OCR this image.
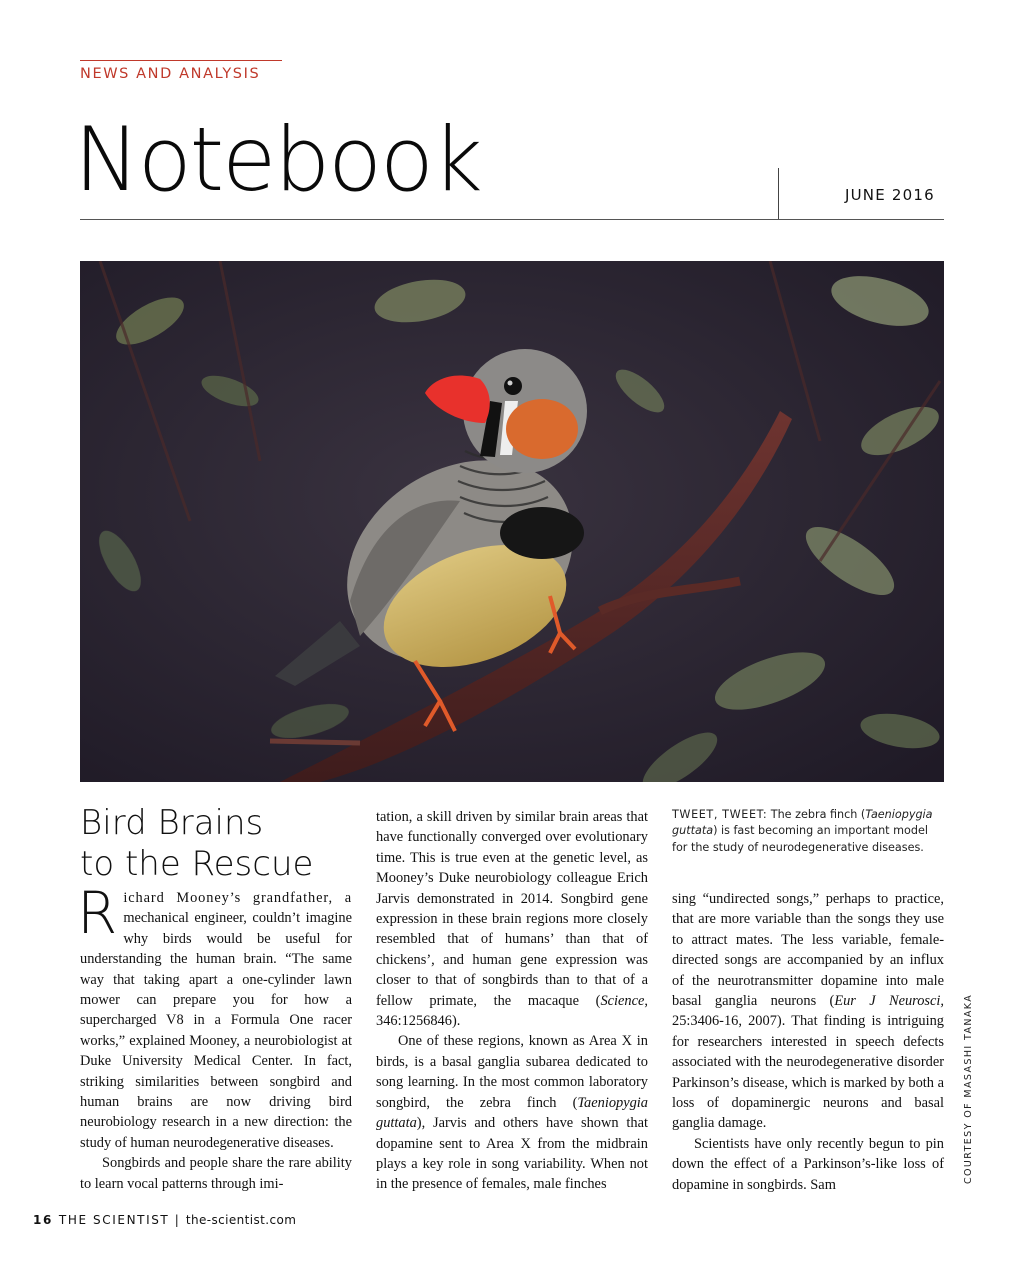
NEWS AND ANALYSIS
Notebook	JUNE 2016
Bird Brains
to the Rescue

Richard Mooney’s grandfather, a mechanical engineer, couldn’t imagine why birds would be useful for understanding the human brain. “The same way that taking apart a one-cylinder lawn mower can prepare you for how a supercharged V8 in a Formula One racer works,” explained Mooney, a neurobiologist at Duke University Medical Center. In fact, striking similarities between songbird and human brains are now driving bird neurobiology research in a new direction: the study of human neurodegenerative diseases.

Songbirds and people share the rare ability to learn vocal patterns through imi-

tation, a skill driven by similar brain areas that have functionally converged over evolutionary time. This is true even at the genetic level, as Mooney’s Duke neurobiology colleague Erich Jarvis demonstrated in 2014. Songbird gene expression in these brain regions more closely resembled that of humans’ than that of chickens’, and human gene expression was closer to that of songbirds than to that of a fellow primate, the macaque (Science, 346:1256846).

One of these regions, known as Area X in birds, is a basal ganglia subarea dedicated to song learning. In the most common laboratory songbird, the zebra finch (Taeniopygia guttata), Jarvis and others have shown that dopamine sent to Area X from the midbrain plays a key role in song variability. When not in the presence of females, male finches

TWEET, TWEET: The zebra finch (Taeniopygia guttata) is fast becoming an important model for the study of neurodegenerative diseases.

sing “undirected songs,” perhaps to practice, that are more variable than the songs they use to attract mates. The less variable, female-directed songs are accompanied by an influx of the neurotransmitter dopamine into male basal ganglia neurons (Eur J Neurosci, 25:3406-16, 2007). That finding is intriguing for researchers interested in speech defects associated with the neurodegenerative disorder Parkinson’s disease, which is marked by both a loss of dopaminergic neurons and basal ganglia damage.

Scientists have only recently begun to pin down the effect of a Parkinson’s-like loss of dopamine in songbirds. Sam

COURTESY OF MASASHI TANAKA
16 THE SCIENTIST | the-scientist.com
